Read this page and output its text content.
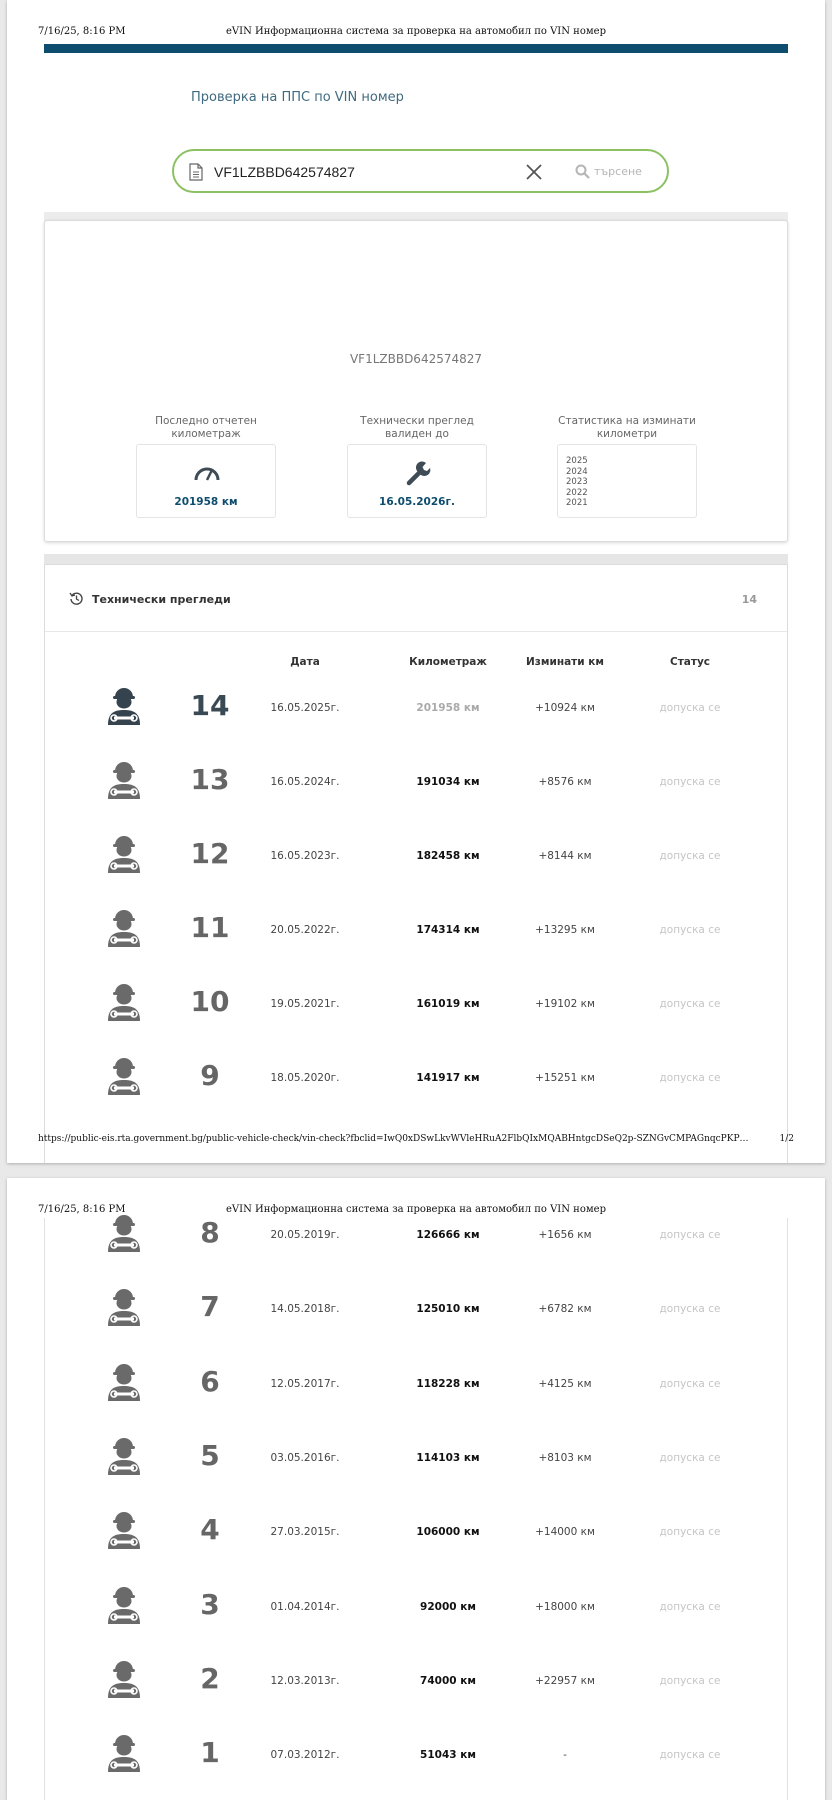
7/16/25, 8:16 PM	eVIN Информационна система за проверка на автомобил по VIN номер
Проверка на ППС по VIN номер
VF1LZBBD642574827
търсене
VF1LZBBD642574827
Последно отчетен километраж
201958 км
Технически преглед валиден до
16.05.2026г.
Статистика на изминати километри
2025
2024
2023
2022
2021
Технически прегледи	14
Дата	Километраж	Изминати км	Статус
14	16.05.2025г.	201958 км	+10924 км	допуска се
13	16.05.2024г.	191034 км	+8576 км	допуска се
12	16.05.2023г.	182458 км	+8144 км	допуска се
11	20.05.2022г.	174314 км	+13295 км	допуска се
10	19.05.2021г.	161019 км	+19102 км	допуска се
9	18.05.2020г.	141917 км	+15251 км	допуска се
https://public-eis.rta.government.bg/public-vehicle-check/vin-check?fbclid=IwQ0xDSwLkvWVleHRuA2FlbQIxMQABHntgcDSeQ2p-SZNGvCMPAGnqcPKP…	1/2
7/16/25, 8:16 PM	eVIN Информационна система за проверка на автомобил по VIN номер
8	20.05.2019г.	126666 км	+1656 км	допуска се
7	14.05.2018г.	125010 км	+6782 км	допуска се
6	12.05.2017г.	118228 км	+4125 км	допуска се
5	03.05.2016г.	114103 км	+8103 км	допуска се
4	27.03.2015г.	106000 км	+14000 км	допуска се
3	01.04.2014г.	92000 км	+18000 км	допуска се
2	12.03.2013г.	74000 км	+22957 км	допуска се
1	07.03.2012г.	51043 км	-	допуска се
